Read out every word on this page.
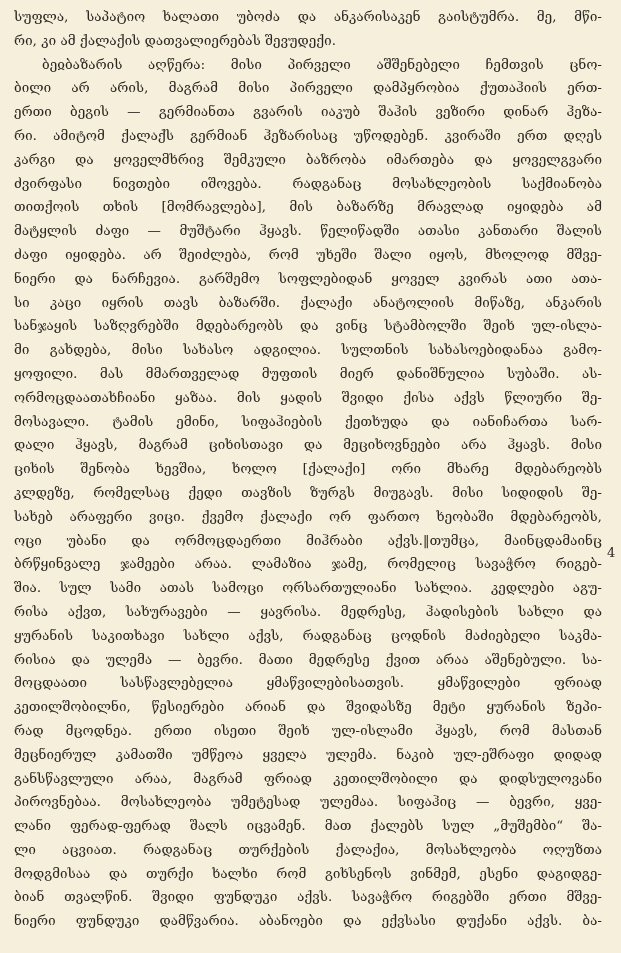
სუფლა, საპატიო ხალათი უბოძა და ანკარისაკენ გაისტუმრა. მე, მწი-
რი, კი ამ ქალაქის დათვალიერებას შევუდექი.
ბეჲბაზარის აღწერა: მისი პირველი აშშენებელი ჩემთვის ცნო-
ბილი არ არის, მაგრამ მისი პირველი დამპყრობია ქუთაჰიის ერთ-
ერთი ბეგის — გერმიანთა გვარის იაკუბ შაჰის ვეზირი დინარ ჰეზა-
რი. ამიტომ ქალაქს გერმიან ჰეზარისაც უწოდებენ. კვირაში ერთ დღეს
კარგი და ყოველმხრივ შემკული ბაზრობა იმართება და ყოველგვარი
ძვირფასი ნივთები იშოვება. რადგანაც მოსახლეობის საქმიანობა
თითქოის თხის [მომრავლება], მის ბაზარზე მრავლად იყიდება ამ
მატყლის ძაფი — მუშტარი ჰყავს. წელიწადში ათასი კანთარი შალის
ძაფი იყიდება. არ შეიძლება, რომ უხეში შალი იყოს, მხოლოდ მშვე-
ნიერი და ნარჩევია. გარშემო სოფლებიდან ყოველ კვირას ათი ათა-
სი კაცი იყრის თავს ბაზარში. ქალაქი ანატოლიის მიწაზე, ანკარის
სანჯაყის საზღვრებში მდებარეობს და ვინც სტამბოლში შეიხ ულ-ისლა-
მი გახდება, მისი სახასო ადგილია. სულთნის სახასოებიდანაა გამო-
ყოფილი. მას მმართველად მუფთის მიერ დანიშნულია სუბაში. ას-
ორმოცდაათახჩიანი ყაზაა. მის ყადის შვიდი ქისა აქვს წლიური შე-
მოსავალი. ტამის ემინი, სიფაჰიების ქეთხუდა და იანიჩართა სარ-
დალი ჰყავს, მაგრამ ციხისთავი და მეციხოვნეები არა ჰყავს. მისი
ციხის შენობა ხევშია, ხოლო [ქალაქი] ორი მხარე მდებარეობს
კლდეზე, რომელსაც ქედი თავზის ზურგს მიუგავს. მისი სიდიდის შე-
სახებ არაფერი ვიცი. ქვემო ქალაქი ორ ფართო ხეობაში მდებარეობს,
ოცი უბანი და ორმოცდაერთი მიჰრაბი აქვს.‖თუმცა, მაინცდამაინც
ბრწყინვალე ჯამეები არაა. ლამაზია ჯამე, რომელიც სავაჭრო რიგებ-
შია. სულ სამი ათას სამოცი ორსართულიანი სახლია. კედლები აგუ-
რისა აქვთ, სახურავები — ყავრისა. მედრესე, ჰადისების სახლი და
ყურანის საკითხავი სახლი აქვს, რადგანაც ცოდნის მაძიებელი საკმა-
რისია და ულემა — ბევრი. მათი მედრესე ქვით არაა აშენებული. სა-
მოცდაათი სასწავლებელია ყმაწვილებისათვის. ყმაწვილები ფრიად
კეთილშობილნი, წესიერები არიან და შვიდასზე მეტი ყურანის ზეპი-
რად მცოდნეა. ერთი ისეთი შეიხ ულ-ისლამი ჰყავს, რომ მასთან
მეცნიერულ კამათში უმწეოა ყველა ულემა. ნაკიბ ულ-ეშრაფი დიდად
განსწავლული არაა, მაგრამ ფრიად კეთილშობილი და დიდსულოვანი
პიროვნებაა. მოსახლეობა უმეტესად ულემაა. სიფაჰიც — ბევრი, ყვე-
ლანი ფერად-ფერად შალს იცვამენ. მათ ქალებს სულ „მუშემბი“ შა-
ლი აცვიათ. რადგანაც თურქების ქალაქია, მოსახლეობა ოღუზთა
მოდგმისაა და თურქი ხალხი რომ გიხსენოს ვინმემ, ესენი დაგიდგე-
ბიან თვალწინ. შვიდი ფუნდუკი აქვს. სავაჭრო რიგებში ერთი მშვე-
ნიერი ფუნდუკი დამწვარია. აბანოები და ექვსასი დუქანი აქვს. ბა-
4
